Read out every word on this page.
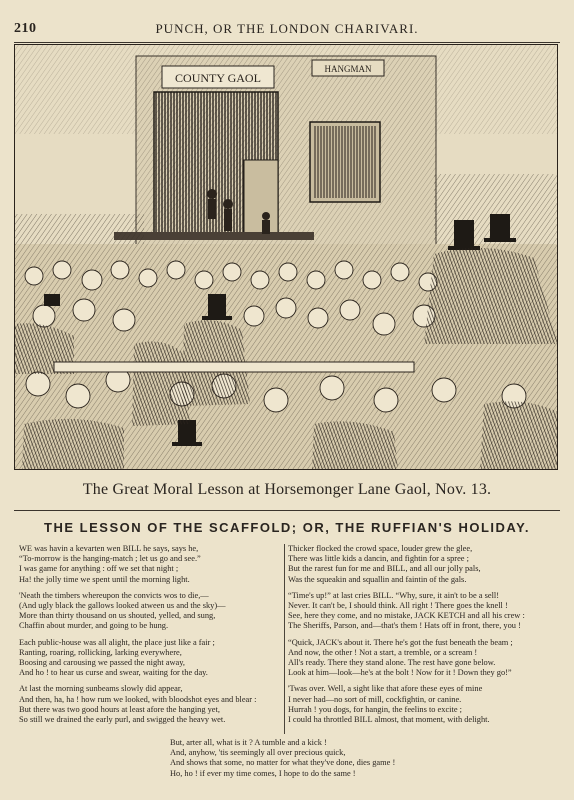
210	PUNCH, OR THE LONDON CHARIVARI.
COUNTY GAOL
HANGMAN
The Great Moral Lesson at Horsemonger Lane Gaol, Nov. 13.
THE LESSON OF THE SCAFFOLD; OR, THE RUFFIAN'S HOLIDAY.
WE was havin a kevarten wen BILL he says, says he,
“To-morrow is the hanging-match ; let us go and see.”
I was game for anything : off we set that night ;
Ha! the jolly time we spent until the morning light.
'Neath the timbers whereupon the convicts wos to die,—
(And ugly black the gallows looked atween us and the sky)—
More than thirty thousand on us shouted, yelled, and sung,
Chaffin about murder, and going to be hung.
Each public-house was all alight, the place just like a fair ;
Ranting, roaring, rollicking, larking everywhere,
Boosing and carousing we passed the night away,
And ho ! to hear us curse and swear, waiting for the day.
At last the morning sunbeams slowly did appear,
And then, ha, ha ! how rum we looked, with bloodshot eyes and blear :
But there was two good hours at least afore the hanging yet,
So still we drained the early purl, and swigged the heavy wet.
Thicker flocked the crowd space, louder grew the glee,
There was little kids a dancin, and fightin for a spree ;
But the rarest fun for me and BILL, and all our jolly pals,
Was the squeakin and squallin and faintin of the gals.
“Time's up!” at last cries BILL. “Why, sure, it ain't to be a sell!
Never. It can't be, I should think. All right ! There goes the knell !
See, here they come, and no mistake, JACK KETCH and all his crew :
The Sheriffs, Parson, and—that's them ! Hats off in front, there, you !
“Quick, JACK's about it. There he's got the fust beneath the beam ;
And now, the other ! Not a start, a tremble, or a scream !
All's ready. There they stand alone. The rest have gone below.
Look at him—look—he's at the bolt ! Now for it ! Down they go!”
'Twas over. Well, a sight like that afore these eyes of mine
I never had—no sort of mill, cockfightin, or canine.
Hurrah ! you dogs, for hangin, the feelins to excite ;
I could ha throttled BILL almost, that moment, with delight.
But, arter all, what is it ? A tumble and a kick !
And, anyhow, 'tis seemingly all over precious quick,
And shows that some, no matter for what they've done, dies game !
Ho, ho ! if ever my time comes, I hope to do the same !
